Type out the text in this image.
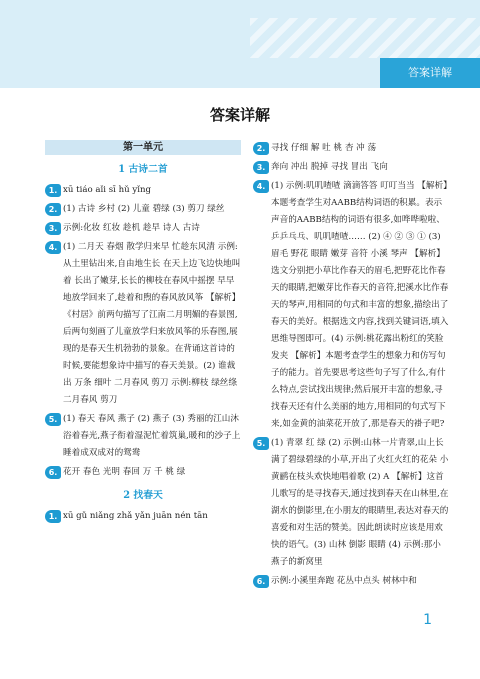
答案详解
答案详解
第一单元
1 古诗二首
1. xū tiáo aǐi sī hǔ yǐng
2. (1) 古诗 乡村 (2) 儿童 碧绿 (3) 剪刀 绿丝
3. 示例:化妆 红妆 趁机 趁早 诗人 古诗
4. (1) 二月天 春烟 散学归来早 忙趁东风清 示例:从土里钻出来,自由地生长 在天上边飞边快地叫着 长出了嫩芽,长长的柳枝在春风中摇摆 早早地放学回来了,趁着和煦的春风放风筝 【解析】《村居》前两句描写了江南二月明媚的春景图,后两句刻画了儿童放学归来放风筝的乐春图,展现的是春天生机勃勃的景象。在背诵这首诗的时候,要能想象诗中描写的春天美景。(2) 谁裁出 万条 细叶 二月春风 剪刀 示例:柳枝 绿丝绦 二月春风 剪刀
5. (1) 春天 春风 燕子 (2) 燕子 (3) 秀丽的江山沐浴着春光,燕子衔着湿泥忙着筑巢,暖和的沙子上睡着成双成对的鸳鸯
6. 花开 春色 光明 春回 万 千 桃 绿
2 找春天
1. xū gǔ niǎng zhǎ yǎn juān nén tān
2. 寻找 仔细 解 吐 桃 杏 冲 荡
3. 奔向 冲出 脱掉 寻找 冒出 飞向
4. (1) 示例:叽叽喳喳 滴滴答答 叮叮当当 【解析】本题考查学生对AABB结构词语的积累。表示声音的AABB结构的词语有很多,如哗哗啦啦、乒乒乓乓、叽叽喳喳…… (2) ④ ② ③ ① (3) 眉毛 野花 眼睛 嫩芽 音符 小溪 琴声 【解析】选文分别把小草比作春天的眉毛,把野花比作春天的眼睛,把嫩芽比作春天的音符,把溪水比作春天的琴声,用相同的句式和丰富的想象,描绘出了春天的美好。根据选文内容,找到关键词语,填入思维导图即可。(4) 示例:桃花露出粉红的笑脸 发夹 【解析】本题考查学生的想象力和仿写句子的能力。首先要思考这些句子写了什么,有什么特点,尝试找出规律;然后展开丰富的想象,寻找春天还有什么美丽的地方,用相同的句式写下来,如金黄的油菜花开放了,那是春天的褂子吧?
5. (1) 青翠 红 绿 (2) 示例:山林一片青翠,山上长满了碧绿碧绿的小草,开出了火红火红的花朵 小黄鹂在枝头欢快地唱着歌 (2) A 【解析】这首儿歌写的是寻找春天,通过找到春天在山林里,在湖水的倒影里,在小朋友的眼睛里,表达对春天的喜爱和对生活的赞美。因此朗读时应该是用欢快的语气。(3) 山林 倒影 眼睛 (4) 示例:那小燕子的新窝里
6. 示例:小溪里奔跑 花丛中点头 树林中和
1
